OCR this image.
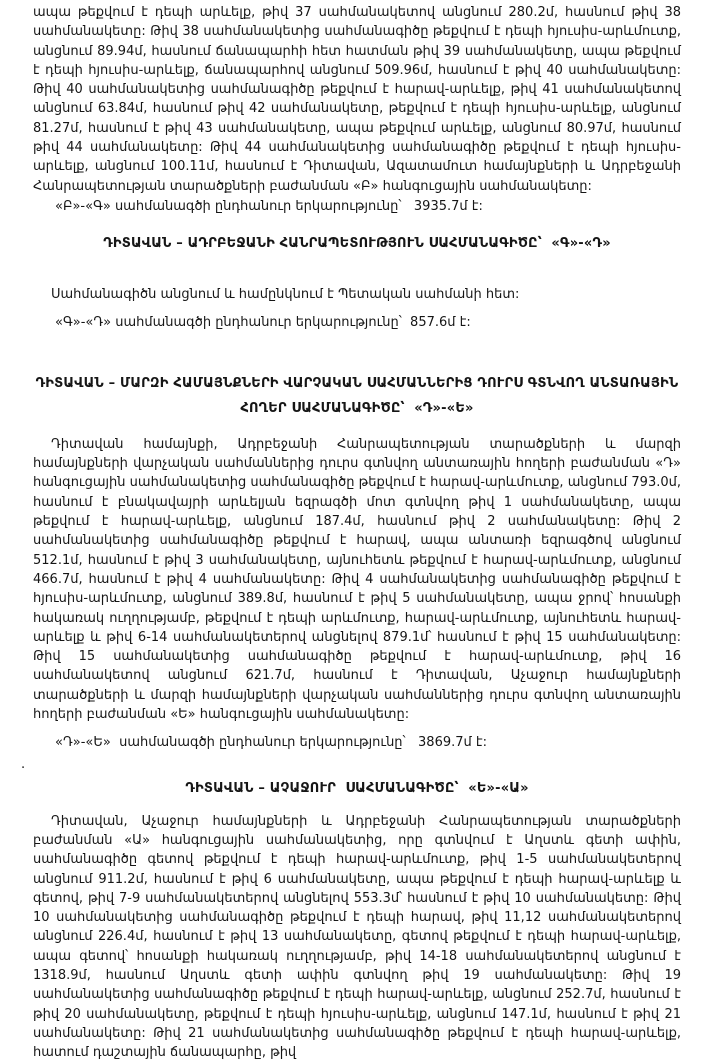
ապա թեքվում է դեպի արևելք, թիվ 37 սահմանակետով անցնում 280.2մ, հասնում թիվ 38 սահմանակետը: Թիվ 38 սահմանակետից սահմանագիծը թեքվում է դեպի հյուսիս-արևմուտք, անցնում 89.94մ, հասնում ճանապարհի հետ հատման թիվ 39 սահմանակետը, ապա թեքվում է դեպի հյուսիս-արևելք, ճանապարհով անցնում 509.96մ, հասնում է թիվ 40 սահմանակետը: Թիվ 40 սահմանակետից սահմանագիծը թեքվում է հարավ-արևելք, թիվ 41 սահմանակետով անցնում 63.84մ, հասնում թիվ 42 սահմանակետը, թեքվում է դեպի հյուսիս-արևելք, անցնում 81.27մ, հասնում է թիվ 43 սահմանակետը, ապա թեքվում արևելք, անցնում 80.97մ, հասնում թիվ 44 սահմանակետը: Թիվ 44 սահմանակետից սահմանագիծը թեքվում է դեպի հյուսիս-արևելք, անցնում 100.11մ, հասնում է Դիտավան, Ազատամուտ համայնքների և Ադրբեջանի Հանրապետության տարածքների բաժանման «Բ» հանգուցային սահմանակետը:

«Բ»-«Գ» սահմանագծի ընդհանուր երկարությունը՝   3935.7մ է:

ԴԻՏԱՎԱՆ – ԱԴՐԲԵՋԱՆԻ ՀԱՆՐԱՊԵՏՈՒԹՅՈՒՆ ՍԱՀՄԱՆԱԳԻԾԸ՝  «Գ»-«Դ»

Սահմանագիծն անցնում և համընկնում է Պետական սահմանի հետ:

«Գ»-«Դ» սահմանագծի ընդհանուր երկարությունը՝  857.6մ է:

ԴԻՏԱՎԱՆ – ՄԱՐԶԻ ՀԱՄԱՅՆՔՆԵՐԻ ՎԱՐՉԱԿԱՆ ՍԱՀՄԱՆՆԵՐԻՑ ԴՈՒՐՍ ԳՏՆՎՈՂ ԱՆՏԱՌԱՅԻՆ ՀՈՂԵՐ ՍԱՀՄԱՆԱԳԻԾԸ՝  «Դ»-«Ե»

Դիտավան համայնքի, Ադրբեջանի Հանրապետության տարածքների և մարզի համայնքների վարչական սահմաններից դուրս գտնվող անտառային հողերի բաժանման «Դ» հանգուցային սահմանակետից սահմանագիծը թեքվում է հարավ-արևմուտք, անցնում 793.0մ, հասնում է բնակավայրի արևելյան եզրագծի մոտ գտնվող թիվ 1 սահմանակետը, ապա թեքվում է հարավ-արևելք, անցնում 187.4մ, հասնում թիվ 2 սահմանակետը: Թիվ 2 սահմանակետից սահմանագիծը թեքվում է հարավ, ապա անտառի եզրագծով անցնում 512.1մ, հասնում է թիվ 3 սահմանակետը, այնուհետև թեքվում է հարավ-արևմուտք, անցնում 466.7մ, հասնում է թիվ 4 սահմանակետը: Թիվ 4 սահմանակետից սահմանագիծը թեքվում է հյուսիս-արևմուտք, անցնում 389.8մ, հասնում է թիվ 5 սահմանակետը, ապա ջրով՝ հոսանքի հակառակ ուղղությամբ, թեքվում է դեպի արևմուտք, հարավ-արևմուտք, այնուհետև հարավ-արևելք և թիվ 6-14 սահմանակետերով անցնելով 879.1մ՝ հասնում է թիվ 15 սահմանակետը: Թիվ 15 սահմանակետից սահմանագիծը թեքվում է հարավ-արևմուտք, թիվ 16 սահմանակետով անցնում 621.7մ, հասնում է Դիտավան, Աչաջուր համայնքների տարածքների և մարզի համայնքների վարչական սահմաններից դուրս գտնվող անտառային հողերի բաժանման «Ե» հանգուցային սահմանակետը:

«Դ»-«Ե»  սահմանագծի ընդհանուր երկարությունը՝   3869.7մ է:

ԴԻՏԱՎԱՆ – ԱՉԱՋՈՒՐ  ՍԱՀՄԱՆԱԳԻԾԸ՝  «Ե»-«Ա»

Դիտավան, Աչաջուր համայնքների և Ադրբեջանի Հանրապետության տարածքների բաժանման «Ա» հանգուցային սահմանակետից, որը գտնվում է Աղստև գետի ափին, սահմանագիծը գետով թեքվում է դեպի հարավ-արևմուտք, թիվ 1-5 սահմանակետերով անցնում 911.2մ, հասնում է թիվ 6 սահմանակետը, ապա թեքվում է դեպի հարավ-արևելք և գետով, թիվ 7-9 սահմանակետերով անցնելով 553.3մ՝ հասնում է թիվ 10 սահմանակետը: Թիվ 10 սահմանակետից սահմանագիծը թեքվում է դեպի հարավ, թիվ 11,12 սահմանակետերով անցնում 226.4մ, հասնում է թիվ 13 սահմանակետը, գետով թեքվում է դեպի հարավ-արևելք, ապա գետով՝ հոսանքի հակառակ ուղղությամբ, թիվ 14-18 սահմանակետերով անցնում է 1318.9մ, հասնում Աղստև գետի ափին գտնվող թիվ 19 սահմանակետը: Թիվ 19 սահմանակետից սահմանագիծը թեքվում է դեպի հարավ-արևելք, անցնում 252.7մ, հասնում է թիվ 20 սահմանակետը, թեքվում է դեպի հյուսիս-արևելք, անցնում 147.1մ, հասնում է թիվ 21 սահմանակետը: Թիվ 21 սահմանակետից սահմանագիծը թեքվում է դեպի հարավ-արևելք, հատում դաշտային ճանապարհը, թիվ

.
